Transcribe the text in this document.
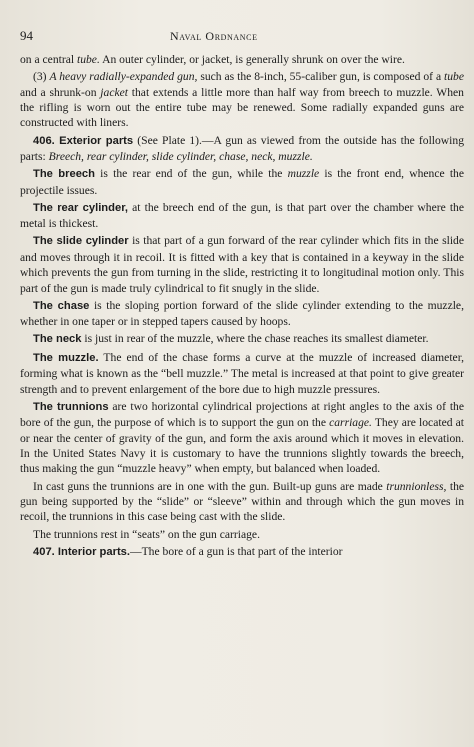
94	Naval Ordnance

on a central tube. An outer cylinder, or jacket, is generally shrunk on over the wire.

(3) A heavy radially-expanded gun, such as the 8-inch, 55-caliber gun, is composed of a tube and a shrunk-on jacket that extends a little more than half way from breech to muzzle. When the rifling is worn out the entire tube may be renewed. Some radially expanded guns are constructed with liners.

406. Exterior parts (See Plate 1).—A gun as viewed from the outside has the following parts: Breech, rear cylinder, slide cylinder, chase, neck, muzzle.

The breech is the rear end of the gun, while the muzzle is the front end, whence the projectile issues.

The rear cylinder, at the breech end of the gun, is that part over the chamber where the metal is thickest.

The slide cylinder is that part of a gun forward of the rear cylinder which fits in the slide and moves through it in recoil. It is fitted with a key that is contained in a keyway in the slide which prevents the gun from turning in the slide, restricting it to longitudinal motion only. This part of the gun is made truly cylindrical to fit snugly in the slide.

The chase is the sloping portion forward of the slide cylinder extending to the muzzle, whether in one taper or in stepped tapers caused by hoops.

The neck is just in rear of the muzzle, where the chase reaches its smallest diameter.

The muzzle. The end of the chase forms a curve at the muzzle of increased diameter, forming what is known as the “bell muzzle.” The metal is increased at that point to give greater strength and to prevent enlargement of the bore due to high muzzle pressures.

The trunnions are two horizontal cylindrical projections at right angles to the axis of the bore of the gun, the purpose of which is to support the gun on the carriage. They are located at or near the center of gravity of the gun, and form the axis around which it moves in elevation. In the United States Navy it is customary to have the trunnions slightly towards the breech, thus making the gun “muzzle heavy” when empty, but balanced when loaded.

In cast guns the trunnions are in one with the gun. Built-up guns are made trunnionless, the gun being supported by the “slide” or “sleeve” within and through which the gun moves in recoil, the trunnions in this case being cast with the slide.

The trunnions rest in “seats” on the gun carriage.

407. Interior parts.—The bore of a gun is that part of the interior
